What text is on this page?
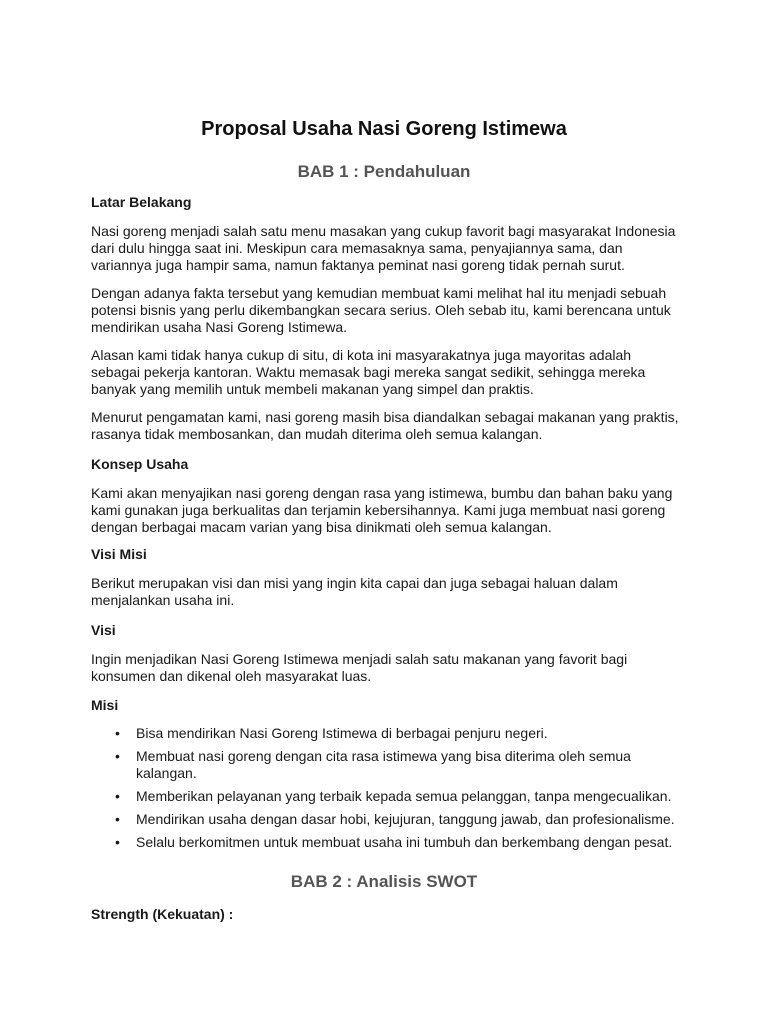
Proposal Usaha Nasi Goreng Istimewa
BAB 1 : Pendahuluan
Latar Belakang

Nasi goreng menjadi salah satu menu masakan yang cukup favorit bagi masyarakat Indonesia dari dulu hingga saat ini. Meskipun cara memasaknya sama, penyajiannya sama, dan variannya juga hampir sama, namun faktanya peminat nasi goreng tidak pernah surut.

Dengan adanya fakta tersebut yang kemudian membuat kami melihat hal itu menjadi sebuah potensi bisnis yang perlu dikembangkan secara serius. Oleh sebab itu, kami berencana untuk mendirikan usaha Nasi Goreng Istimewa.

Alasan kami tidak hanya cukup di situ, di kota ini masyarakatnya juga mayoritas adalah sebagai pekerja kantoran. Waktu memasak bagi mereka sangat sedikit, sehingga mereka banyak yang memilih untuk membeli makanan yang simpel dan praktis.

Menurut pengamatan kami, nasi goreng masih bisa diandalkan sebagai makanan yang praktis, rasanya tidak membosankan, dan mudah diterima oleh semua kalangan.

Konsep Usaha

Kami akan menyajikan nasi goreng dengan rasa yang istimewa, bumbu dan bahan baku yang kami gunakan juga berkualitas dan terjamin kebersihannya. Kami juga membuat nasi goreng dengan berbagai macam varian yang bisa dinikmati oleh semua kalangan.

Visi Misi

Berikut merupakan visi dan misi yang ingin kita capai dan juga sebagai haluan dalam menjalankan usaha ini.

Visi

Ingin menjadikan Nasi Goreng Istimewa menjadi salah satu makanan yang favorit bagi konsumen dan dikenal oleh masyarakat luas.

Misi
• Bisa mendirikan Nasi Goreng Istimewa di berbagai penjuru negeri.
• Membuat nasi goreng dengan cita rasa istimewa yang bisa diterima oleh semua kalangan.
• Memberikan pelayanan yang terbaik kepada semua pelanggan, tanpa mengecualikan.
• Mendirikan usaha dengan dasar hobi, kejujuran, tanggung jawab, dan profesionalisme.
• Selalu berkomitmen untuk membuat usaha ini tumbuh dan berkembang dengan pesat.
BAB 2 : Analisis SWOT
Strength (Kekuatan) :
